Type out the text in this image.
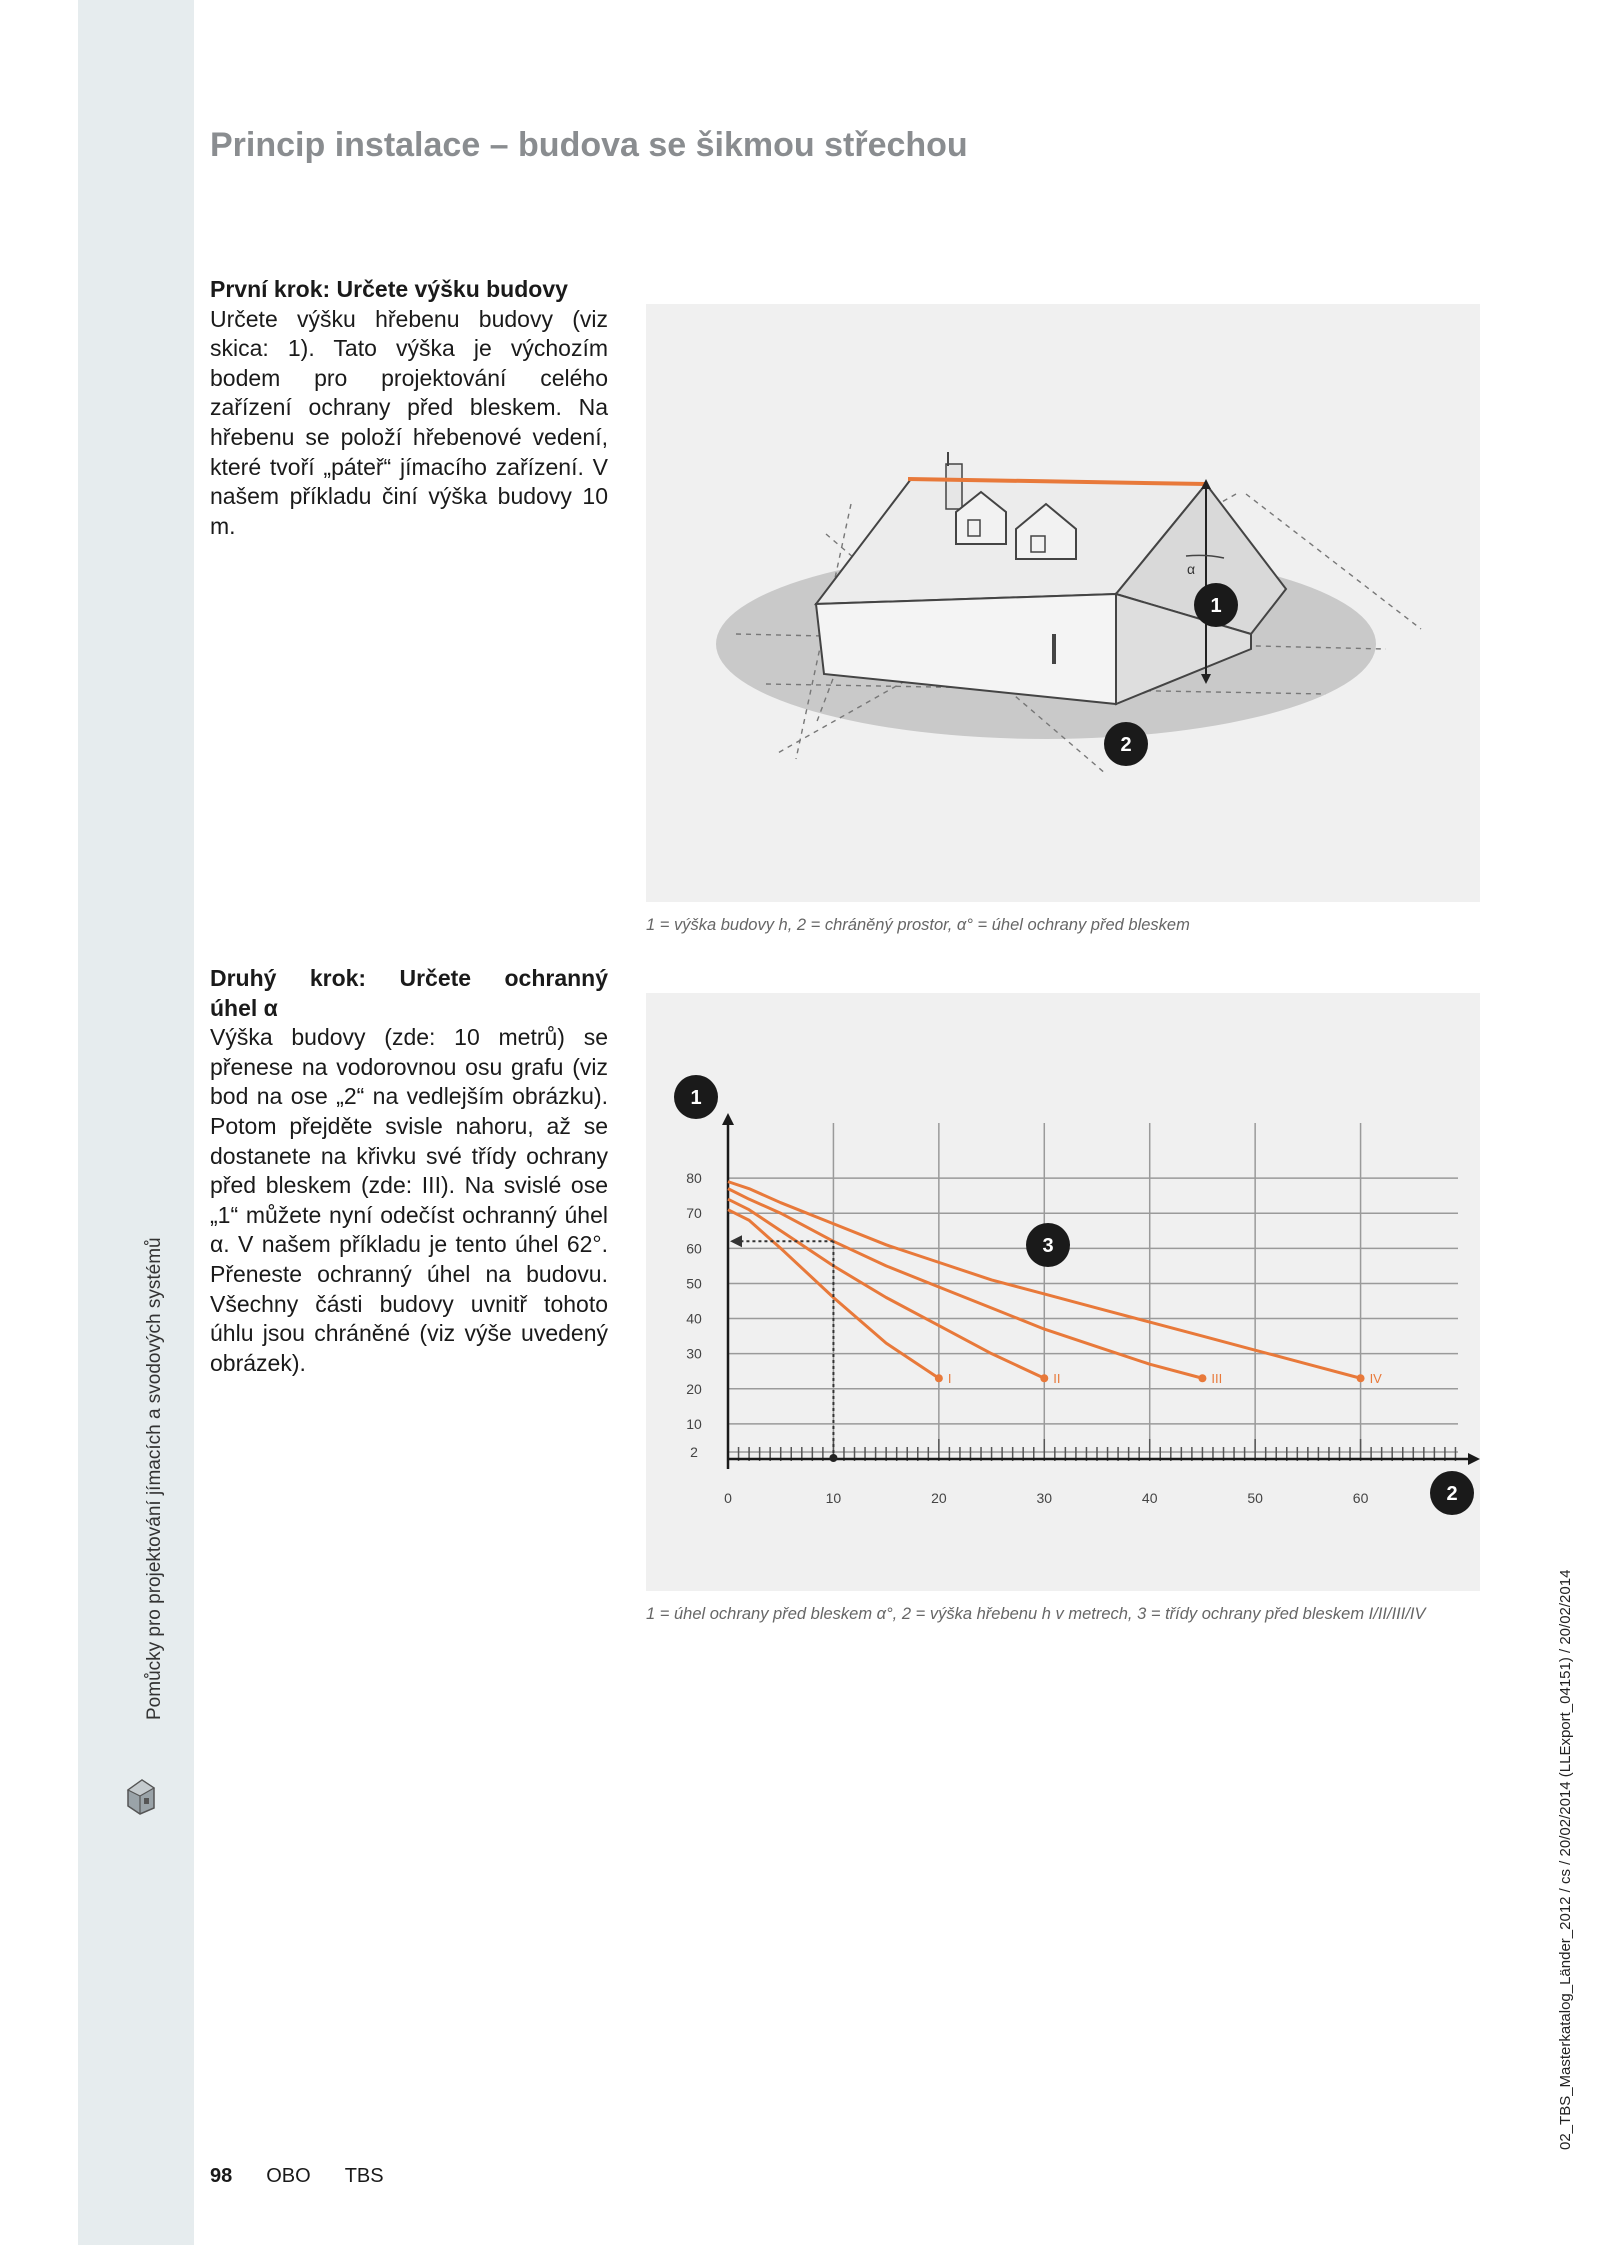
Pomůcky pro projektování jímacích a svodových systémů
Princip instalace – budova se šikmou střechou
První krok: Určete výšku budovy

Určete výšku hřebenu budovy (viz skica: 1). Tato výška je výchozím bodem pro projektování celého zařízení ochrany před bleskem. Na hřebenu se položí hřebenové vedení, které tvoří „páteř“ jímacího zařízení. V našem příkladu činí výška budovy 10 m.

α
1
2
1 = výška budovy h, 2 = chráněný prostor, α° = úhel ochrany před bleskem
Druhý krok: Určete ochranný
úhel α

Výška budovy (zde: 10 metrů) se přenese na vodorovnou osu grafu (viz bod na ose „2“ na vedlejším obrázku). Potom přejděte svisle nahoru, až se dostanete na křivku své třídy ochrany před bleskem (zde: III). Na svislé ose „1“ můžete nyní odečíst ochranný úhel α. V našem příkladu je tento úhel 62°. Přeneste ochranný úhel na budovu. Všechny části budovy uvnitř tohoto úhlu jsou chráněné (viz výše uvedený obrázek).

2
10
20
30
40
50
60
70
80
0	10	20	30	40	50	60
I	II	III	IV
1
2
3
1 = úhel ochrany před bleskem α°, 2 = výška hřebenu h v metrech, 3 = třídy ochrany před bleskem I/II/III/IV
98 OBO TBS
02_TBS_Masterkatalog_Länder_2012 / cs / 20/02/2014 (LLExport_04151) / 20/02/2014
